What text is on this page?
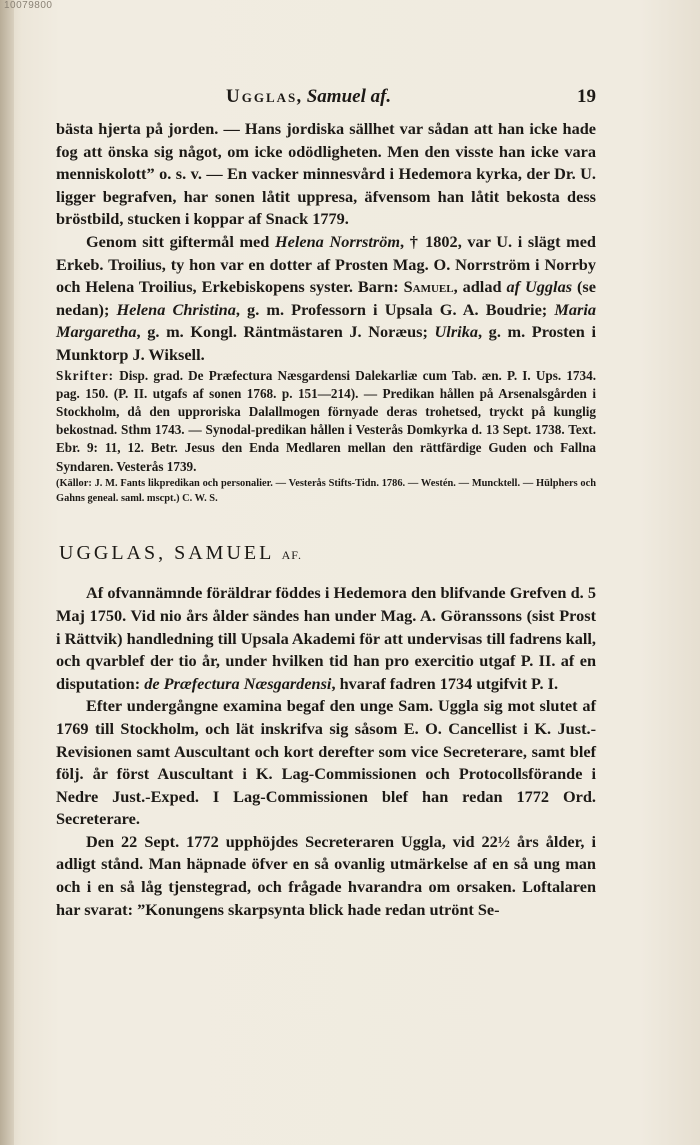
10079800
Ugglas, Samuel af.	19

bästa hjerta på jorden. — Hans jordiska sällhet var sådan att han icke hade fog att önska sig något, om icke odödligheten. Men den visste han icke vara menniskolott” o. s. v. — En vacker minnesvård i Hedemora kyrka, der Dr. U. ligger begrafven, har sonen låtit uppresa, äfvensom han låtit bekosta dess bröstbild, stucken i koppar af Snack 1779.

Genom sitt giftermål med Helena Norrström, † 1802, var U. i slägt med Erkeb. Troilius, ty hon var en dotter af Prosten Mag. O. Norrström i Norrby och Helena Troilius, Erkebiskopens syster. Barn: Samuel, adlad af Ugglas (se nedan); Helena Christina, g. m. Professorn i Upsala G. A. Boudrie; Maria Margaretha, g. m. Kongl. Räntmästaren J. Noræus; Ulrika, g. m. Prosten i Munktorp J. Wiksell.

Skrifter: Disp. grad. De Præfectura Næsgardensi Dalekarliæ cum Tab. æn. P. I. Ups. 1734. pag. 150. (P. II. utgafs af sonen 1768. p. 151—214). — Predikan hållen på Arsenalsgården i Stockholm, då den upproriska Dalallmogen förnyade deras trohetsed, tryckt på kunglig bekostnad. Sthm 1743. — Synodal-predikan hållen i Vesterås Domkyrka d. 13 Sept. 1738. Text. Ebr. 9: 11, 12. Betr. Jesus den Enda Medlaren mellan den rättfärdige Guden och Fallna Syndaren. Vesterås 1739.

(Källor: J. M. Fants likpredikan och personalier. — Vesterås Stifts-Tidn. 1786. — Westén. — Muncktell. — Hülphers och Gahns geneal. saml. mscpt.) C. W. S.

UGGLAS, SAMUEL AF.

Af ofvannämnde föräldrar föddes i Hedemora den blifvande Grefven d. 5 Maj 1750. Vid nio års ålder sändes han under Mag. A. Göranssons (sist Prost i Rättvik) handledning till Upsala Akademi för att undervisas till fadrens kall, och qvarblef der tio år, under hvilken tid han pro exercitio utgaf P. II. af en disputation: de Præfectura Næsgardensi, hvaraf fadren 1734 utgifvit P. I.

Efter undergångne examina begaf den unge Sam. Uggla sig mot slutet af 1769 till Stockholm, och lät inskrifva sig såsom E. O. Cancellist i K. Just.-Revisionen samt Auscultant och kort derefter som vice Secreterare, samt blef följ. år först Auscultant i K. Lag-Commissionen och Protocollsförande i Nedre Just.-Exped. I Lag-Commissionen blef han redan 1772 Ord. Secreterare.

Den 22 Sept. 1772 upphöjdes Secreteraren Uggla, vid 22½ års ålder, i adligt stånd. Man häpnade öfver en så ovanlig utmärkelse af en så ung man och i en så låg tjenstegrad, och frågade hvarandra om orsaken. Loftalaren har svarat: ”Konungens skarpsynta blick hade redan utrönt Se-
